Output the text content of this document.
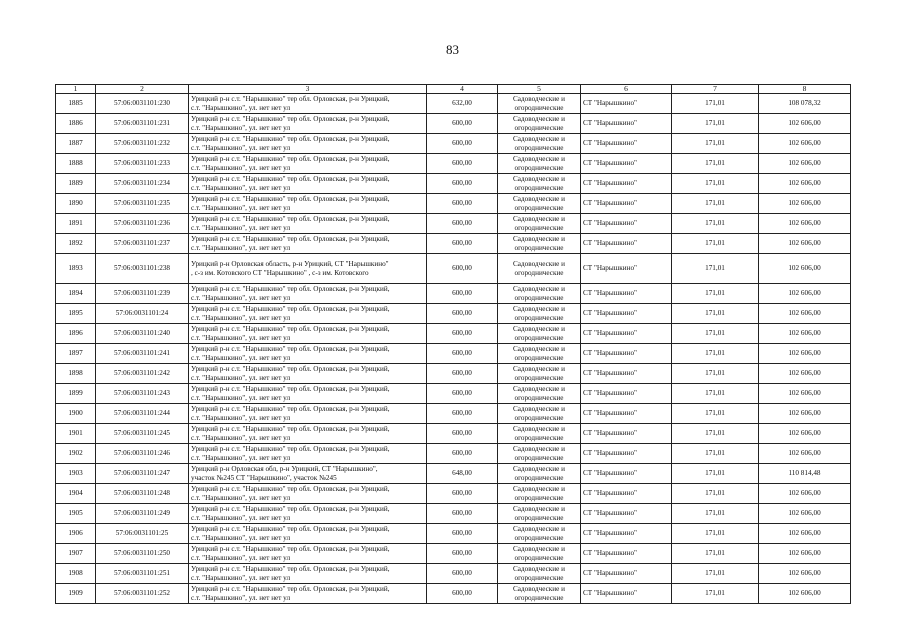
83
1	2	3	4	5	6	7	8
1885	57:06:0031101:230	Урицкий р-н с.т. "Нарышкино" тер обл. Орловская, р-н Урицкий,
с.т. "Нарышкино", ул. нет нет ул	632,00	Садоводческие и
огороднические	СТ "Нарышкино"	171,01	108 078,32
1886	57:06:0031101:231	Урицкий р-н с.т. "Нарышкино" тер обл. Орловская, р-н Урицкий,
с.т. "Нарышкино", ул. нет нет ул	600,00	Садоводческие и
огороднические	СТ "Нарышкино"	171,01	102 606,00
1887	57:06:0031101:232	Урицкий р-н с.т. "Нарышкино" тер обл. Орловская, р-н Урицкий,
с.т. "Нарышкино", ул. нет нет ул	600,00	Садоводческие и
огороднические	СТ "Нарышкино"	171,01	102 606,00
1888	57:06:0031101:233	Урицкий р-н с.т. "Нарышкино" тер обл. Орловская, р-н Урицкий,
с.т. "Нарышкино", ул. нет нет ул	600,00	Садоводческие и
огороднические	СТ "Нарышкино"	171,01	102 606,00
1889	57:06:0031101:234	Урицкий р-н с.т. "Нарышкино" тер обл. Орловская, р-н Урицкий,
с.т. "Нарышкино", ул. нет нет ул	600,00	Садоводческие и
огороднические	СТ "Нарышкино"	171,01	102 606,00
1890	57:06:0031101:235	Урицкий р-н с.т. "Нарышкино" тер обл. Орловская, р-н Урицкий,
с.т. "Нарышкино", ул. нет нет ул	600,00	Садоводческие и
огороднические	СТ "Нарышкино"	171,01	102 606,00
1891	57:06:0031101:236	Урицкий р-н с.т. "Нарышкино" тер обл. Орловская, р-н Урицкий,
с.т. "Нарышкино", ул. нет нет ул	600,00	Садоводческие и
огороднические	СТ "Нарышкино"	171,01	102 606,00
1892	57:06:0031101:237	Урицкий р-н с.т. "Нарышкино" тер обл. Орловская, р-н Урицкий,
с.т. "Нарышкино", ул. нет нет ул	600,00	Садоводческие и
огороднические	СТ "Нарышкино"	171,01	102 606,00
1893	57:06:0031101:238	Урицкий р-н Орловская область, р-н Урицкий, СТ "Нарышкино"
, с-з им. Котовского СТ "Нарышкино" , с-з им. Котовского	600,00	Садоводческие и
огороднические	СТ "Нарышкино"	171,01	102 606,00
1894	57:06:0031101:239	Урицкий р-н с.т. "Нарышкино" тер обл. Орловская, р-н Урицкий,
с.т. "Нарышкино", ул. нет нет ул	600,00	Садоводческие и
огороднические	СТ "Нарышкино"	171,01	102 606,00
1895	57:06:0031101:24	Урицкий р-н с.т. "Нарышкино" тер обл. Орловская, р-н Урицкий,
с.т. "Нарышкино", ул. нет нет ул	600,00	Садоводческие и
огороднические	СТ "Нарышкино"	171,01	102 606,00
1896	57:06:0031101:240	Урицкий р-н с.т. "Нарышкино" тер обл. Орловская, р-н Урицкий,
с.т. "Нарышкино", ул. нет нет ул	600,00	Садоводческие и
огороднические	СТ "Нарышкино"	171,01	102 606,00
1897	57:06:0031101:241	Урицкий р-н с.т. "Нарышкино" тер обл. Орловская, р-н Урицкий,
с.т. "Нарышкино", ул. нет нет ул	600,00	Садоводческие и
огороднические	СТ "Нарышкино"	171,01	102 606,00
1898	57:06:0031101:242	Урицкий р-н с.т. "Нарышкино" тер обл. Орловская, р-н Урицкий,
с.т. "Нарышкино", ул. нет нет ул	600,00	Садоводческие и
огороднические	СТ "Нарышкино"	171,01	102 606,00
1899	57:06:0031101:243	Урицкий р-н с.т. "Нарышкино" тер обл. Орловская, р-н Урицкий,
с.т. "Нарышкино", ул. нет нет ул	600,00	Садоводческие и
огороднические	СТ "Нарышкино"	171,01	102 606,00
1900	57:06:0031101:244	Урицкий р-н с.т. "Нарышкино" тер обл. Орловская, р-н Урицкий,
с.т. "Нарышкино", ул. нет нет ул	600,00	Садоводческие и
огороднические	СТ "Нарышкино"	171,01	102 606,00
1901	57:06:0031101:245	Урицкий р-н с.т. "Нарышкино" тер обл. Орловская, р-н Урицкий,
с.т. "Нарышкино", ул. нет нет ул	600,00	Садоводческие и
огороднические	СТ "Нарышкино"	171,01	102 606,00
1902	57:06:0031101:246	Урицкий р-н с.т. "Нарышкино" тер обл. Орловская, р-н Урицкий,
с.т. "Нарышкино", ул. нет нет ул	600,00	Садоводческие и
огороднические	СТ "Нарышкино"	171,01	102 606,00
1903	57:06:0031101:247	Урицкий р-н Орловская обл, р-н Урицкий, СТ "Нарышкино",
участок №245 СТ "Нарышкино", участок №245	648,00	Садоводческие и
огороднические	СТ "Нарышкино"	171,01	110 814,48
1904	57:06:0031101:248	Урицкий р-н с.т. "Нарышкино" тер обл. Орловская, р-н Урицкий,
с.т. "Нарышкино", ул. нет нет ул	600,00	Садоводческие и
огороднические	СТ "Нарышкино"	171,01	102 606,00
1905	57:06:0031101:249	Урицкий р-н с.т. "Нарышкино" тер обл. Орловская, р-н Урицкий,
с.т. "Нарышкино", ул. нет нет ул	600,00	Садоводческие и
огороднические	СТ "Нарышкино"	171,01	102 606,00
1906	57:06:0031101:25	Урицкий р-н с.т. "Нарышкино" тер обл. Орловская, р-н Урицкий,
с.т. "Нарышкино", ул. нет нет ул	600,00	Садоводческие и
огороднические	СТ "Нарышкино"	171,01	102 606,00
1907	57:06:0031101:250	Урицкий р-н с.т. "Нарышкино" тер обл. Орловская, р-н Урицкий,
с.т. "Нарышкино", ул. нет нет ул	600,00	Садоводческие и
огороднические	СТ "Нарышкино"	171,01	102 606,00
1908	57:06:0031101:251	Урицкий р-н с.т. "Нарышкино" тер обл. Орловская, р-н Урицкий,
с.т. "Нарышкино", ул. нет нет ул	600,00	Садоводческие и
огороднические	СТ "Нарышкино"	171,01	102 606,00
1909	57:06:0031101:252	Урицкий р-н с.т. "Нарышкино" тер обл. Орловская, р-н Урицкий,
с.т. "Нарышкино", ул. нет нет ул	600,00	Садоводческие и
огороднические	СТ "Нарышкино"	171,01	102 606,00
